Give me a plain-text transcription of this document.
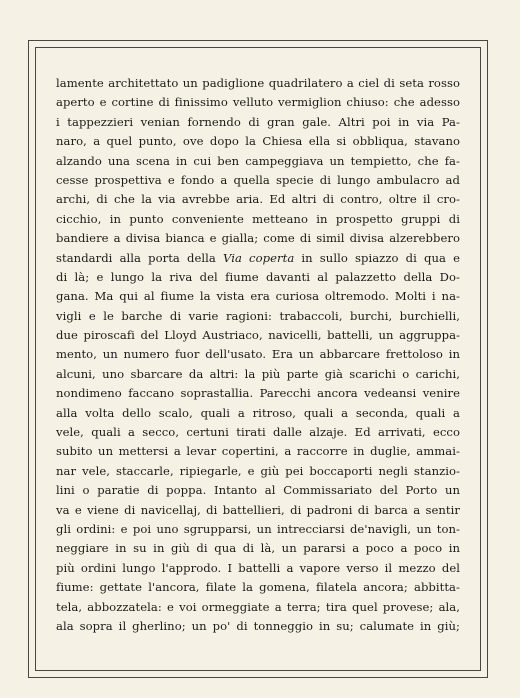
lamente architettato un padiglione quadrilatero a ciel di seta rosso
aperto e cortine di finissimo velluto vermiglion chiuso: che adesso
i tappezzieri venian fornendo di gran gale. Altri poi in via Pa-
naro, a quel punto, ove dopo la Chiesa ella si obbliqua, stavano
alzando una scena in cui ben campeggiava un tempietto, che fa-
cesse prospettiva e fondo a quella specie di lungo ambulacro ad
archi, di che la via avrebbe aria. Ed altri di contro, oltre il cro-
cicchio, in punto conveniente metteano in prospetto gruppi di
bandiere a divisa bianca e gialla; come di simil divisa alzerebbero
standardi alla porta della Via coperta in sullo spiazzo di qua e
di là; e lungo la riva del fiume davanti al palazzetto della Do-
gana. Ma qui al fiume la vista era curiosa oltremodo. Molti i na-
vigli e le barche di varie ragioni: trabaccoli, burchi, burchielli,
due piroscafi del Lloyd Austriaco, navicelli, battelli, un aggruppa-
mento, un numero fuor dell'usato. Era un abbarcare frettoloso in
alcuni, uno sbarcare da altri: la più parte già scarichi o carichi,
nondimeno faccano soprastallia. Parecchi ancora vedeansi venire
alla volta dello scalo, quali a ritroso, quali a seconda, quali a
vele, quali a secco, certuni tirati dalle alzaje. Ed arrivati, ecco
subito un mettersi a levar copertini, a raccorre in duglie, ammai-
nar vele, staccarle, ripiegarle, e giù pei boccaporti negli stanzio-
lini o paratie di poppa. Intanto al Commissariato del Porto un
va e viene di navicellaj, di battellieri, di padroni di barca a sentir
gli ordini: e poi uno sgrupparsi, un intrecciarsi de'navigli, un ton-
neggiare in su in giù di qua di là, un pararsi a poco a poco in
più ordini lungo l'approdo. I battelli a vapore verso il mezzo del
fiume: gettate l'ancora, filate la gomena, filatela ancora; abbitta-
tela, abbozzatela: e voi ormeggiate a terra; tira quel provese; ala,
ala sopra il gherlino; un po' di tonneggio in su; calumate in giù;
